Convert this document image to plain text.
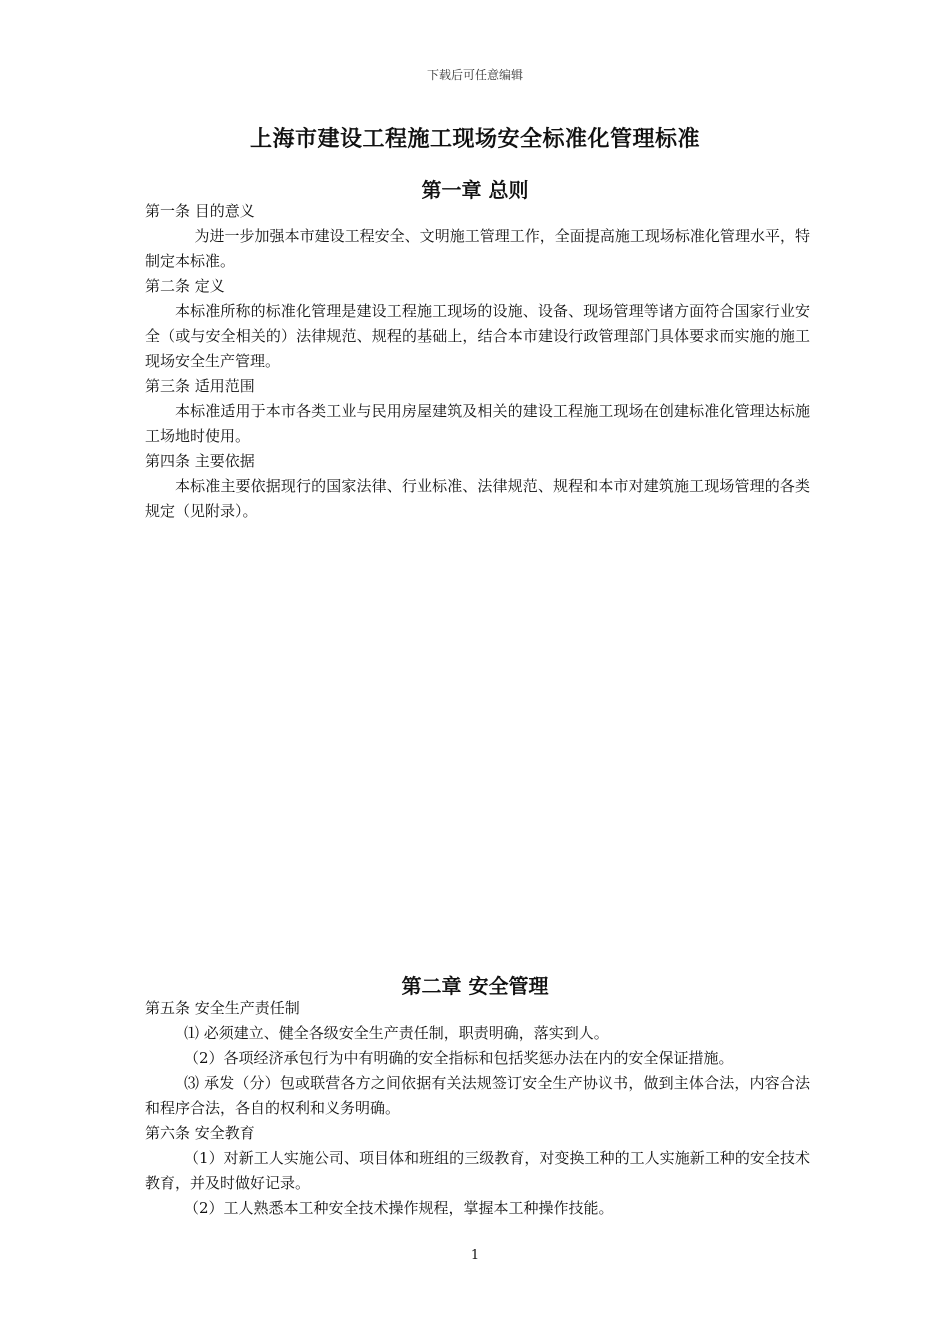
下载后可任意编辑
上海市建设工程施工现场安全标准化管理标准
第一章 总则

第一条 目的意义

为进一步加强本市建设工程安全、文明施工管理工作，全面提高施工现场标准化管理水平，特制定本标准。

第二条 定义

本标准所称的标准化管理是建设工程施工现场的设施、设备、现场管理等诸方面符合国家行业安全（或与安全相关的）法律规范、规程的基础上，结合本市建设行政管理部门具体要求而实施的施工现场安全生产管理。

第三条 适用范围

本标准适用于本市各类工业与民用房屋建筑及相关的建设工程施工现场在创建标准化管理达标施工场地时使用。

第四条 主要依据

本标准主要依据现行的国家法律、行业标准、法律规范、规程和本市对建筑施工现场管理的各类规定（见附录）。

第二章 安全管理

第五条 安全生产责任制

⑴ 必须建立、健全各级安全生产责任制，职责明确，落实到人。

（2）各项经济承包行为中有明确的安全指标和包括奖惩办法在内的安全保证措施。

⑶ 承发（分）包或联营各方之间依据有关法规签订安全生产协议书，做到主体合法，内容合法和程序合法，各自的权利和义务明确。

第六条 安全教育

（1）对新工人实施公司、项目体和班组的三级教育，对变换工种的工人实施新工种的安全技术教育，并及时做好记录。

（2）工人熟悉本工种安全技术操作规程，掌握本工种操作技能。

1
